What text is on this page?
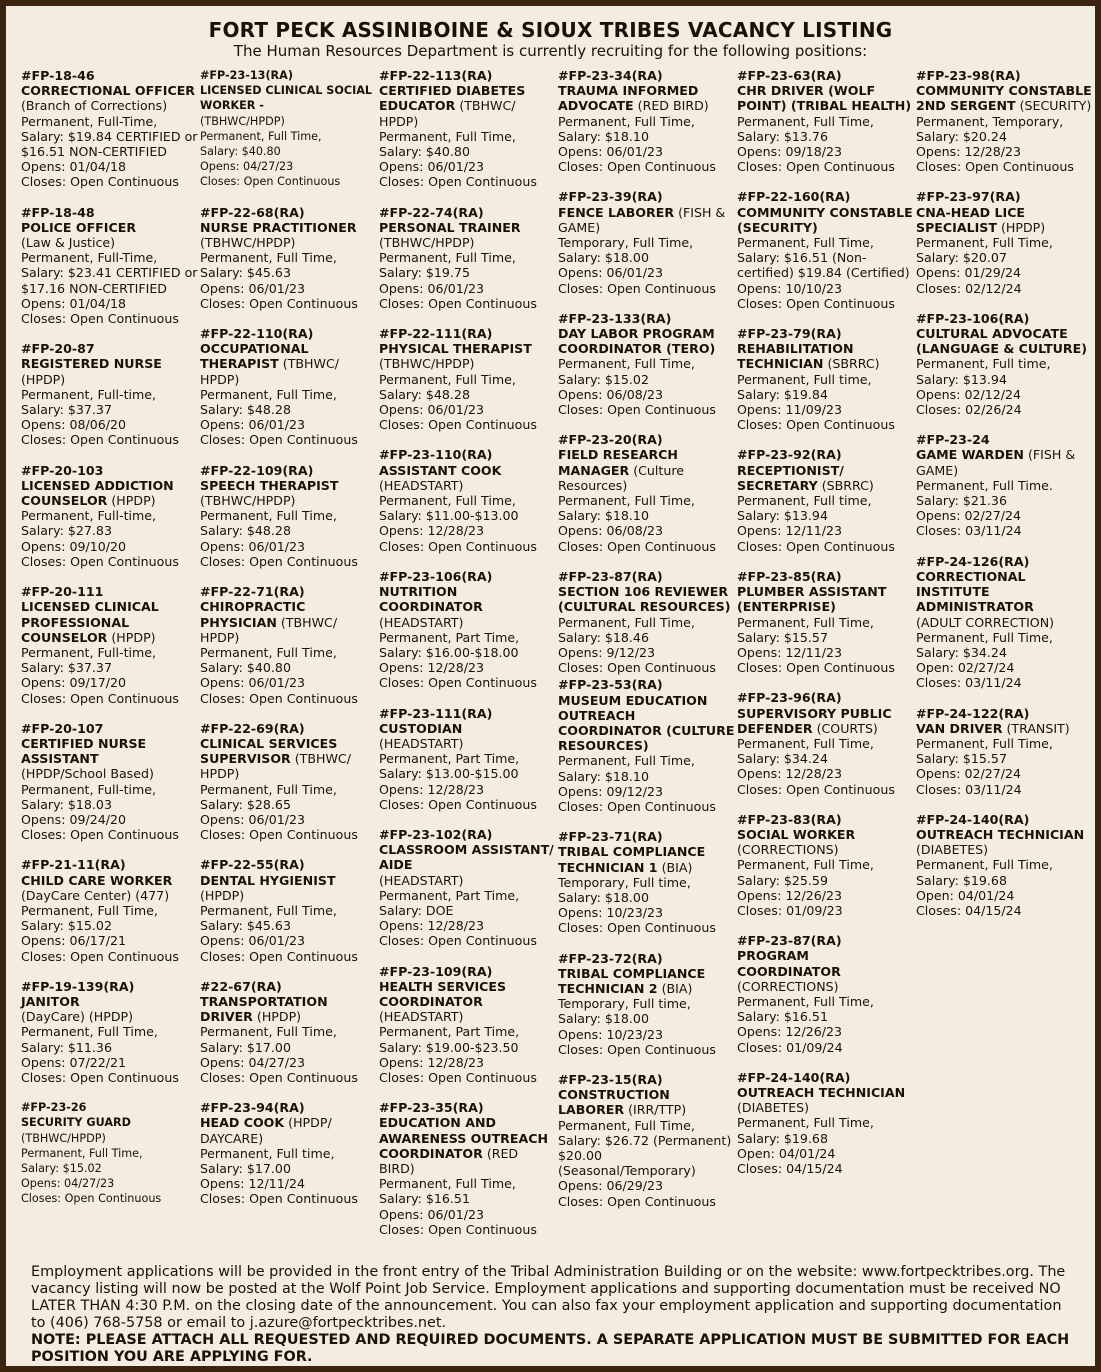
FORT PECK ASSINIBOINE & SIOUX TRIBES VACANCY LISTING
The Human Resources Department is currently recruiting for the following positions:
#FP-18-46
CORRECTIONAL OFFICER
(Branch of Corrections)
Permanent, Full-Time, Salary: $19.84 CERTIFIED or $16.51 NON-CERTIFIED
Opens: 01/04/18
Closes: Open Continuous
#FP-18-48
POLICE OFFICER
(Law & Justice)
Permanent, Full-Time, Salary: $23.41 CERTIFIED or $17.16 NON-CERTIFIED
Opens: 01/04/18
Closes: Open Continuous
#FP-20-87
REGISTERED NURSE
(HPDP)
Permanent, Full-time,
Salary: $37.37
Opens: 08/06/20
Closes: Open Continuous
#FP-20-103
LICENSED ADDICTION COUNSELOR (HPDP)
Permanent, Full-time,
Salary: $27.83
Opens: 09/10/20
Closes: Open Continuous
#FP-20-111
LICENSED CLINICAL PROFESSIONAL COUNSELOR (HPDP)
Permanent, Full-time,
Salary: $37.37
Opens: 09/17/20
Closes: Open Continuous
#FP-20-107
CERTIFIED NURSE ASSISTANT
(HPDP/School Based)
Permanent, Full-time,
Salary: $18.03
Opens: 09/24/20
Closes: Open Continuous
#FP-21-11(RA)
CHILD CARE WORKER
(DayCare Center) (477)
Permanent, Full Time,
Salary: $15.02
Opens: 06/17/21
Closes: Open Continuous
#FP-19-139(RA)
JANITOR
(DayCare) (HPDP)
Permanent, Full Time,
Salary: $11.36
Opens: 07/22/21
Closes: Open Continuous
#FP-23-26
SECURITY GUARD
(TBHWC/HPDP)
Permanent, Full Time,
Salary: $15.02
Opens: 04/27/23
Closes: Open Continuous
#FP-23-13(RA)
LICENSED CLINICAL SOCIAL WORKER -
(TBHWC/HPDP)
Permanent, Full Time,
Salary: $40.80
Opens: 04/27/23
Closes: Open Continuous
#FP-22-68(RA)
NURSE PRACTITIONER
(TBHWC/HPDP)
Permanent, Full Time,
Salary: $45.63
Opens: 06/01/23
Closes: Open Continuous
#FP-22-110(RA)
OCCUPATIONAL THERAPIST (TBHWC/ HPDP)
Permanent, Full Time,
Salary: $48.28
Opens: 06/01/23
Closes: Open Continuous
#FP-22-109(RA)
SPEECH THERAPIST
(TBHWC/HPDP)
Permanent, Full Time,
Salary: $48.28
Opens: 06/01/23
Closes: Open Continuous
#FP-22-71(RA)
CHIROPRACTIC PHYSICIAN (TBHWC/ HPDP)
Permanent, Full Time,
Salary: $40.80
Opens: 06/01/23
Closes: Open Continuous
#FP-22-69(RA)
CLINICAL SERVICES SUPERVISOR (TBHWC/ HPDP)
Permanent, Full Time,
Salary: $28.65
Opens: 06/01/23
Closes: Open Continuous
#FP-22-55(RA)
DENTAL HYGIENIST
(HPDP)
Permanent, Full Time,
Salary: $45.63
Opens: 06/01/23
Closes: Open Continuous
#22-67(RA)
TRANSPORTATION DRIVER (HPDP)
Permanent, Full Time,
Salary: $17.00
Opens: 04/27/23
Closes: Open Continuous
#FP-23-94(RA)
HEAD COOK (HPDP/ DAYCARE)
Permanent, Full time,
Salary: $17.00
Opens: 12/11/24
Closes: Open Continuous
#FP-22-113(RA)
CERTIFIED DIABETES EDUCATOR (TBHWC/ HPDP)
Permanent, Full Time,
Salary: $40.80
Opens: 06/01/23
Closes: Open Continuous
#FP-22-74(RA)
PERSONAL TRAINER
(TBHWC/HPDP)
Permanent, Full Time,
Salary: $19.75
Opens: 06/01/23
Closes: Open Continuous
#FP-22-111(RA)
PHYSICAL THERAPIST
(TBHWC/HPDP)
Permanent, Full Time,
Salary: $48.28
Opens: 06/01/23
Closes: Open Continuous
#FP-23-110(RA)
ASSISTANT COOK
(HEADSTART)
Permanent, Full Time,
Salary: $11.00-$13.00
Opens: 12/28/23
Closes: Open Continuous
#FP-23-106(RA)
NUTRITION COORDINATOR
(HEADSTART)
Permanent, Part Time,
Salary: $16.00-$18.00
Opens: 12/28/23
Closes: Open Continuous
#FP-23-111(RA)
CUSTODIAN
(HEADSTART)
Permanent, Part Time,
Salary: $13.00-$15.00
Opens: 12/28/23
Closes: Open Continuous
#FP-23-102(RA)
CLASSROOM ASSISTANT/ AIDE
(HEADSTART)
Permanent, Part Time,
Salary: DOE
Opens: 12/28/23
Closes: Open Continuous
#FP-23-109(RA)
HEALTH SERVICES COORDINATOR
(HEADSTART)
Permanent, Part Time,
Salary: $19.00-$23.50
Opens: 12/28/23
Closes: Open Continuous
#FP-23-35(RA)
EDUCATION AND AWARENESS OUTREACH COORDINATOR (RED BIRD)
Permanent, Full Time,
Salary: $16.51
Opens: 06/01/23
Closes: Open Continuous
#FP-23-34(RA)
TRAUMA INFORMED ADVOCATE (RED BIRD)
Permanent, Full Time,
Salary: $18.10
Opens: 06/01/23
Closes: Open Continuous
#FP-23-39(RA)
FENCE LABORER (FISH & GAME)
Temporary, Full Time,
Salary: $18.00
Opens: 06/01/23
Closes: Open Continuous
#FP-23-133(RA)
DAY LABOR PROGRAM COORDINATOR (TERO)
Permanent, Full Time,
Salary: $15.02
Opens: 06/08/23
Closes: Open Continuous
#FP-23-20(RA)
FIELD RESEARCH MANAGER (Culture Resources)
Permanent, Full Time,
Salary: $18.10
Opens: 06/08/23
Closes: Open Continuous
#FP-23-87(RA)
SECTION 106 REVIEWER (CULTURAL RESOURCES)
Permanent, Full Time,
Salary: $18.46
Opens: 9/12/23
Closes: Open Continuous
#FP-23-53(RA)
MUSEUM EDUCATION OUTREACH COORDINATOR (CULTURE RESOURCES)
Permanent, Full Time,
Salary: $18.10
Opens: 09/12/23
Closes: Open Continuous
#FP-23-71(RA)
TRIBAL COMPLIANCE TECHNICIAN 1 (BIA)
Temporary, Full time,
Salary: $18.00
Opens: 10/23/23
Closes: Open Continuous
#FP-23-72(RA)
TRIBAL COMPLIANCE TECHNICIAN 2 (BIA)
Temporary, Full time,
Salary: $18.00
Opens: 10/23/23
Closes: Open Continuous
#FP-23-15(RA)
CONSTRUCTION LABORER (IRR/TTP)
Permanent, Full Time, Salary: $26.72 (Permanent) $20.00 (Seasonal/Temporary)
Opens: 06/29/23
Closes: Open Continuous
#FP-23-63(RA)
CHR DRIVER (WOLF POINT) (TRIBAL HEALTH)
Permanent, Full Time,
Salary: $13.76
Opens: 09/18/23
Closes: Open Continuous
#FP-22-160(RA)
COMMUNITY CONSTABLE (SECURITY)
Permanent, Full Time,
Salary: $16.51 (Non-certified) $19.84 (Certified)
Opens: 10/10/23
Closes: Open Continuous
#FP-23-79(RA)
REHABILITATION TECHNICIAN (SBRRC)
Permanent, Full time,
Salary: $19.84
Opens: 11/09/23
Closes: Open Continuous
#FP-23-92(RA)
RECEPTIONIST/ SECRETARY (SBRRC)
Permanent, Full time,
Salary: $13.94
Opens: 12/11/23
Closes: Open Continuous
#FP-23-85(RA)
PLUMBER ASSISTANT (ENTERPRISE)
Permanent, Full Time,
Salary: $15.57
Opens: 12/11/23
Closes: Open Continuous
#FP-23-96(RA)
SUPERVISORY PUBLIC DEFENDER (COURTS)
Permanent, Full Time,
Salary: $34.24
Opens: 12/28/23
Closes: Open Continuous
#FP-23-83(RA)
SOCIAL WORKER
(CORRECTIONS)
Permanent, Full Time,
Salary: $25.59
Opens: 12/26/23
Closes: 01/09/23
#FP-23-87(RA)
PROGRAM COORDINATOR
(CORRECTIONS)
Permanent, Full Time,
Salary: $16.51
Opens: 12/26/23
Closes: 01/09/24
#FP-24-140(RA)
OUTREACH TECHNICIAN
(DIABETES)
Permanent, Full Time,
Salary: $19.68
Open: 04/01/24
Closes: 04/15/24
#FP-23-98(RA)
COMMUNITY CONSTABLE 2ND SERGENT (SECURITY)
Permanent, Temporary,
Salary: $20.24
Opens: 12/28/23
Closes: Open Continuous
#FP-23-97(RA)
CNA-HEAD LICE SPECIALIST (HPDP)
Permanent, Full Time,
Salary: $20.07
Opens: 01/29/24
Closes: 02/12/24
#FP-23-106(RA)
CULTURAL ADVOCATE (LANGUAGE & CULTURE)
Permanent, Full time,
Salary: $13.94
Opens: 02/12/24
Closes: 02/26/24
#FP-23-24
GAME WARDEN (FISH & GAME)
Permanent, Full Time.
Salary: $21.36
Opens: 02/27/24
Closes: 03/11/24
#FP-24-126(RA)
CORRECTIONAL INSTITUTE ADMINISTRATOR
(ADULT CORRECTION)
Permanent, Full Time,
Salary: $34.24
Open: 02/27/24
Closes: 03/11/24
#FP-24-122(RA)
VAN DRIVER (TRANSIT)
Permanent, Full Time,
Salary: $15.57
Opens: 02/27/24
Closes: 03/11/24
#FP-24-140(RA)
OUTREACH TECHNICIAN
(DIABETES)
Permanent, Full Time,
Salary: $19.68
Open: 04/01/24
Closes: 04/15/24
Employment applications will be provided in the front entry of the Tribal Administration Building or on the website: www.fortpecktribes.org. The vacancy listing will now be posted at the Wolf Point Job Service. Employment applications and supporting documentation must be received NO LATER THAN 4:30 P.M. on the closing date of the announcement. You can also fax your employment application and supporting documentation to (406) 768-5758 or email to j.azure@fortpecktribes.net.
NOTE: PLEASE ATTACH ALL REQUESTED AND REQUIRED DOCUMENTS. A SEPARATE APPLICATION MUST BE SUBMITTED FOR EACH POSITION YOU ARE APPLYING FOR.
